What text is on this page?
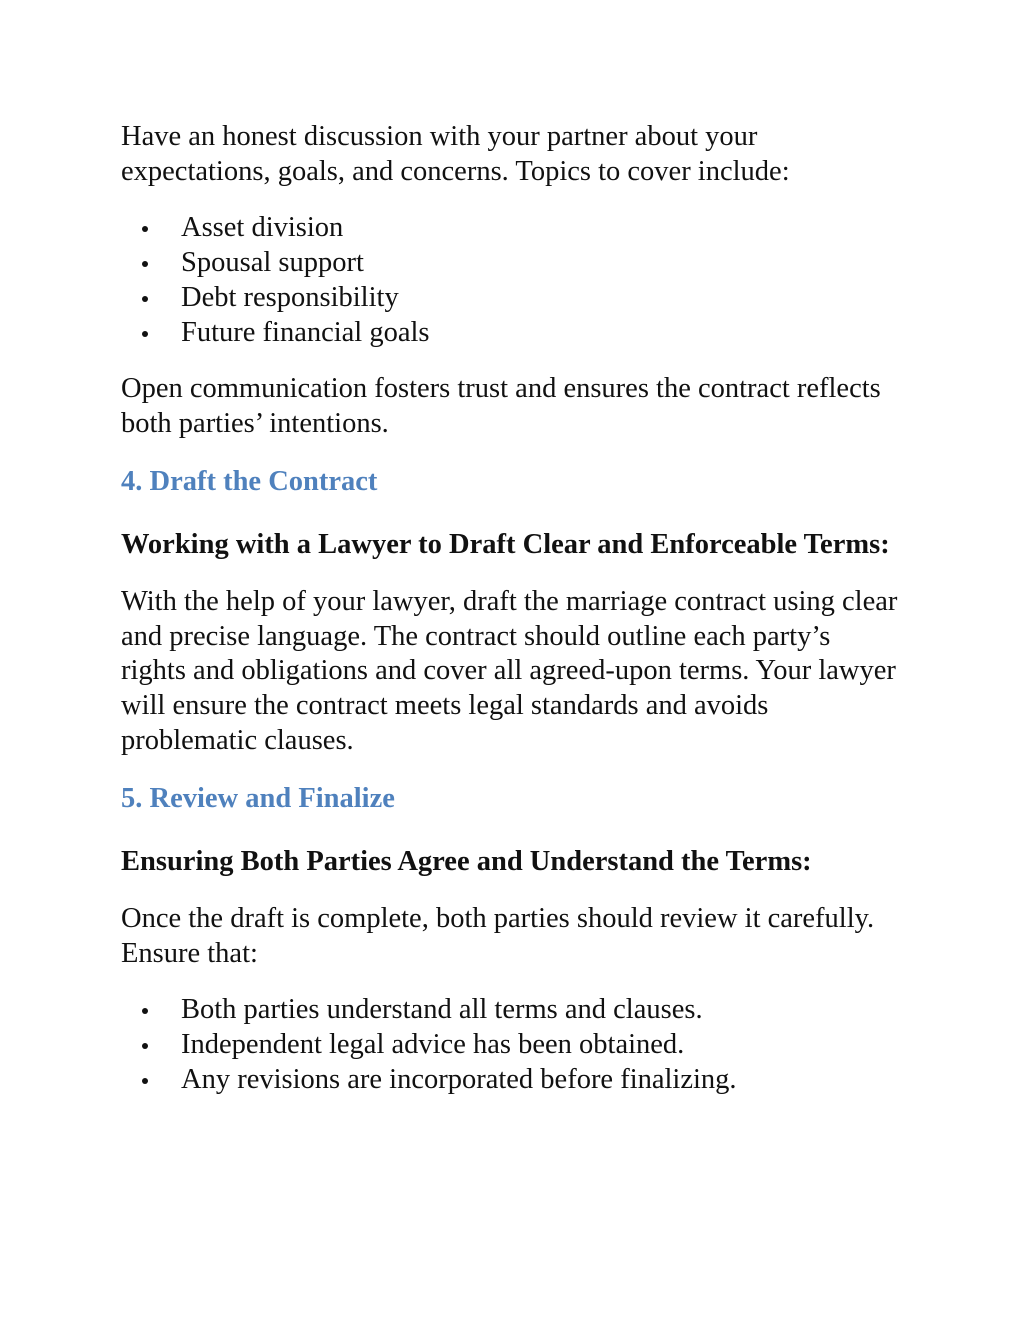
Have an honest discussion with your partner about your expectations, goals, and concerns. Topics to cover include:

Asset division
Spousal support
Debt responsibility
Future financial goals

Open communication fosters trust and ensures the contract reflects both parties’ intentions.

4. Draft the Contract
Working with a Lawyer to Draft Clear and Enforceable Terms:

With the help of your lawyer, draft the marriage contract using clear and precise language. The contract should outline each party’s rights and obligations and cover all agreed-upon terms. Your lawyer will ensure the contract meets legal standards and avoids problematic clauses.

5. Review and Finalize
Ensuring Both Parties Agree and Understand the Terms:

Once the draft is complete, both parties should review it carefully. Ensure that:

Both parties understand all terms and clauses.
Independent legal advice has been obtained.
Any revisions are incorporated before finalizing.
